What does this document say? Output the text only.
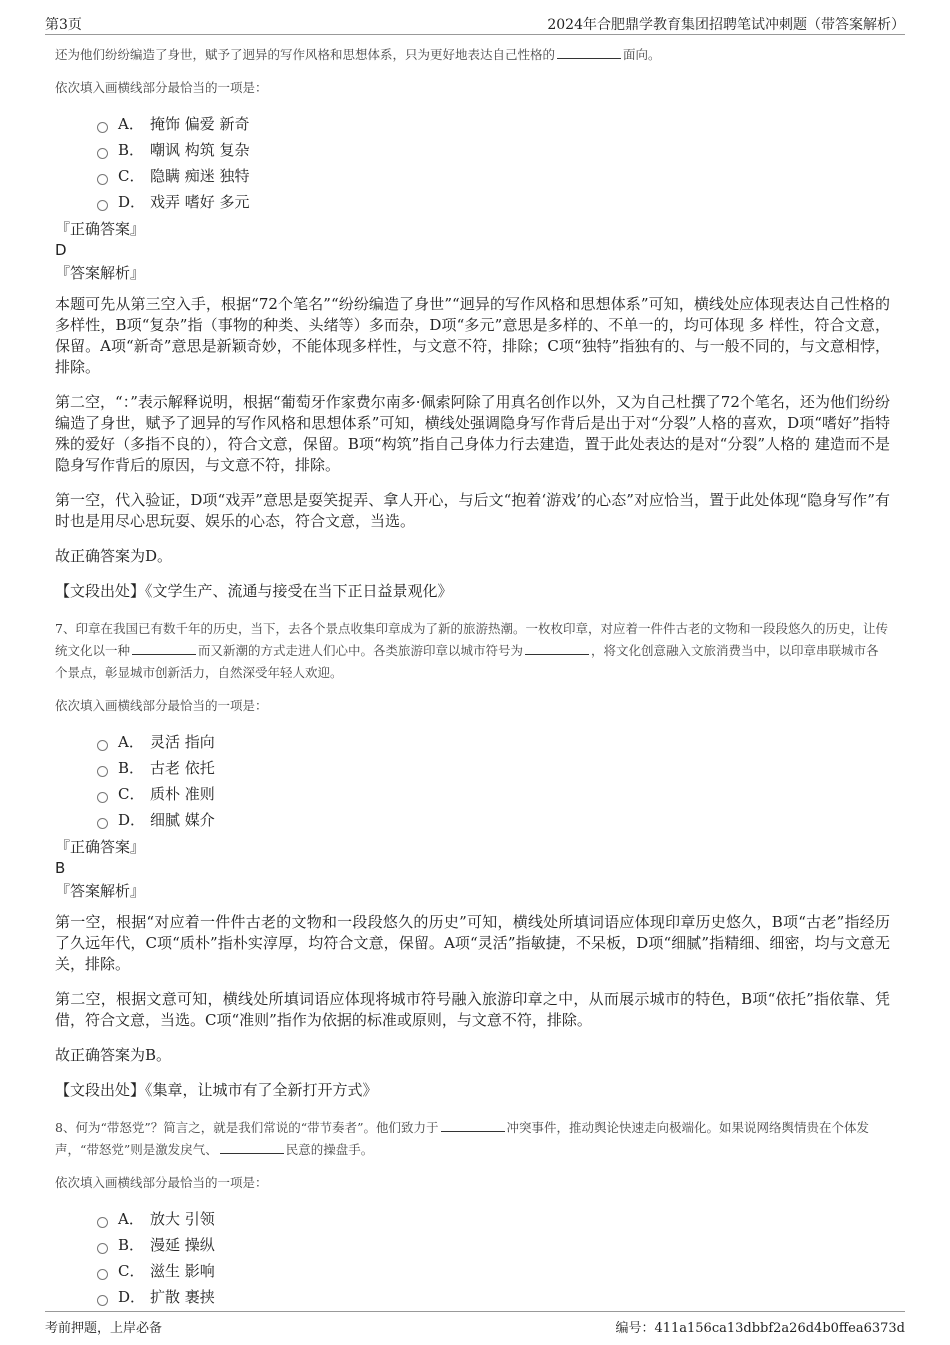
第3页	2024年合肥鼎学教育集团招聘笔试冲刺题（带答案解析）
还为他们纷纷编造了身世，赋予了迥异的写作风格和思想体系，只为更好地表达自己性格的	面向。
依次填入画横线部分最恰当的一项是：
A． 掩饰 偏爱 新奇
B． 嘲讽 构筑 复杂
C． 隐瞒 痴迷 独特
D． 戏弄 嗜好 多元
『正确答案』
D
『答案解析』
本题可先从第三空入手，根据“72个笔名”“纷纷编造了身世”“迥异的写作风格和思想体系”可知，横线处应体现表达自己性格的多样性，B项“复杂”指（事物的种类、头绪等）多而杂，D项“多元”意思是多样的、不单一的，均可体现 多 样性，符合文意，保留。A项“新奇”意思是新颖奇妙，不能体现多样性，与文意不符，排除；C项“独特”指独有的、与一般不同的，与文意相悖，排除。
第二空，“：”表示解释说明，根据“葡萄牙作家费尔南多·佩索阿除了用真名创作以外，又为自己杜撰了72个笔名，还为他们纷纷编造了身世，赋予了迥异的写作风格和思想体系”可知，横线处强调隐身写作背后是出于对“分裂”人格的喜欢，D项“嗜好”指特殊的爱好（多指不良的），符合文意，保留。B项“构筑”指自己身体力行去建造，置于此处表达的是对“分裂”人格的 建造而不是隐身写作背后的原因，与文意不符，排除。
第一空，代入验证，D项“戏弄”意思是耍笑捉弄、拿人开心，与后文“抱着‘游戏’的心态”对应恰当，置于此处体现“隐身写作”有时也是用尽心思玩耍、娱乐的心态，符合文意，当选。
故正确答案为D。
【文段出处】《文学生产、流通与接受在当下正日益景观化》
7、印章在我国已有数千年的历史，当下，去各个景点收集印章成为了新的旅游热潮。一枚枚印章，对应着一件件古老的文物和一段段悠久的历史，让传统文化以一种	而又新潮的方式走进人们心中。各类旅游印章以城市符号为	，将文化创意融入文旅消费当中，以印章串联城市各个景点，彰显城市创新活力，自然深受年轻人欢迎。
依次填入画横线部分最恰当的一项是：
A． 灵活 指向
B． 古老 依托
C． 质朴 准则
D． 细腻 媒介
『正确答案』
B
『答案解析』
第一空，根据“对应着一件件古老的文物和一段段悠久的历史”可知，横线处所填词语应体现印章历史悠久，B项“古老”指经历了久远年代，C项“质朴”指朴实淳厚，均符合文意，保留。A项“灵活”指敏捷，不呆板，D项“细腻”指精细、细密，均与文意无关，排除。
第二空，根据文意可知，横线处所填词语应体现将城市符号融入旅游印章之中，从而展示城市的特色，B项“依托”指依靠、凭借，符合文意，当选。C项“准则”指作为依据的标准或原则，与文意不符，排除。
故正确答案为B。
【文段出处】《集章，让城市有了全新打开方式》
8、何为“带怒党”？简言之，就是我们常说的“带节奏者”。他们致力于	冲突事件，推动舆论快速走向极端化。如果说网络舆情贵在个体发声，“带怒党”则是激发戾气、	民意的操盘手。
依次填入画横线部分最恰当的一项是：
A． 放大 引领
B． 漫延 操纵
C． 滋生 影响
D． 扩散 裹挟
考前押题，上岸必备	编号：411a156ca13dbbf2a26d4b0ffea6373d
